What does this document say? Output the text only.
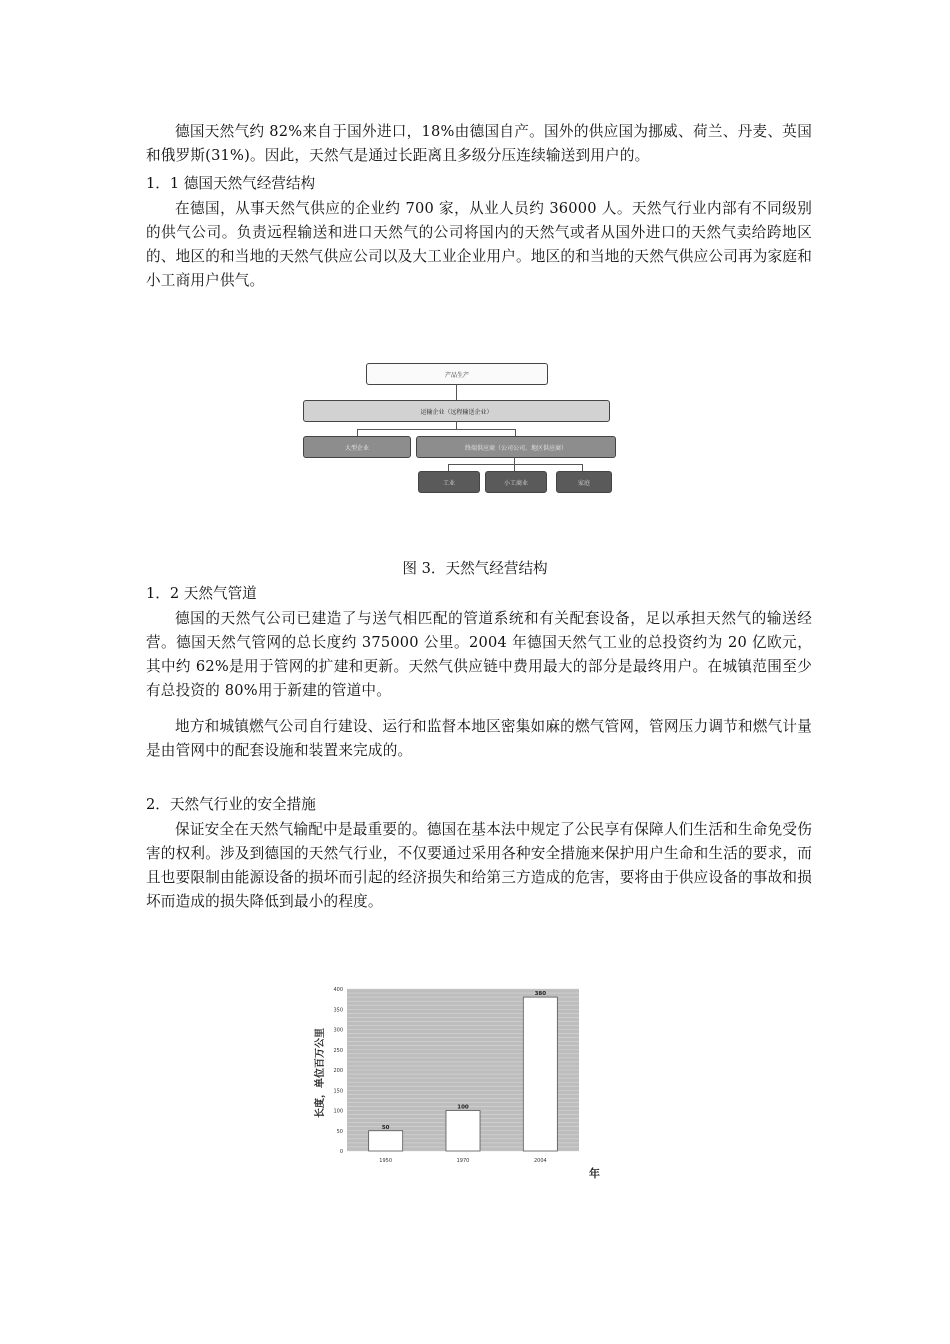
德国天然气约 82%来自于国外进口，18%由德国自产。国外的供应国为挪威、荷兰、丹麦、英国和俄罗斯(31%)。因此，天然气是通过长距离且多级分压连续输送到用户的。

1．1 德国天然气经营结构

在德国，从事天然气供应的企业约 700 家，从业人员约 36000 人。天然气行业内部有不同级别的供气公司。负责远程输送和进口天然气的公司将国内的天然气或者从国外进口的天然气卖给跨地区的、地区的和当地的天然气供应公司以及大工业企业用户。地区的和当地的天然气供应公司再为家庭和小工商用户供气。

产品生产
运输企业（远程输送企业）
大型企业	终端供应商（公司公司、地区供应商）
工业	小工商业	家庭
图 3．天然气经营结构

1．2 天然气管道

德国的天然气公司已建造了与送气相匹配的管道系统和有关配套设备，足以承担天然气的输送经营。德国天然气管网的总长度约 375000 公里。2004 年德国天然气工业的总投资约为 20 亿欧元，其中约 62%是用于管网的扩建和更新。天然气供应链中费用最大的部分是最终用户。在城镇范围至少有总投资的 80%用于新建的管道中。

地方和城镇燃气公司自行建设、运行和监督本地区密集如麻的燃气管网，管网压力调节和燃气计量是由管网中的配套设施和装置来完成的。

2．天然气行业的安全措施

保证安全在天然气输配中是最重要的。德国在基本法中规定了公民享有保障人们生活和生命免受伤害的权利。涉及到德国的天然气行业，不仅要通过采用各种安全措施来保护用户生命和生活的要求，而且也要限制由能源设备的损坏而引起的经济损失和给第三方造成的危害，要将由于供应设备的事故和损坏而造成的损失降低到最小的程度。

0
50
100
150
200
250
300
350
400
50
100
380
1950	1970	2004
长度，单位百万公里
年
